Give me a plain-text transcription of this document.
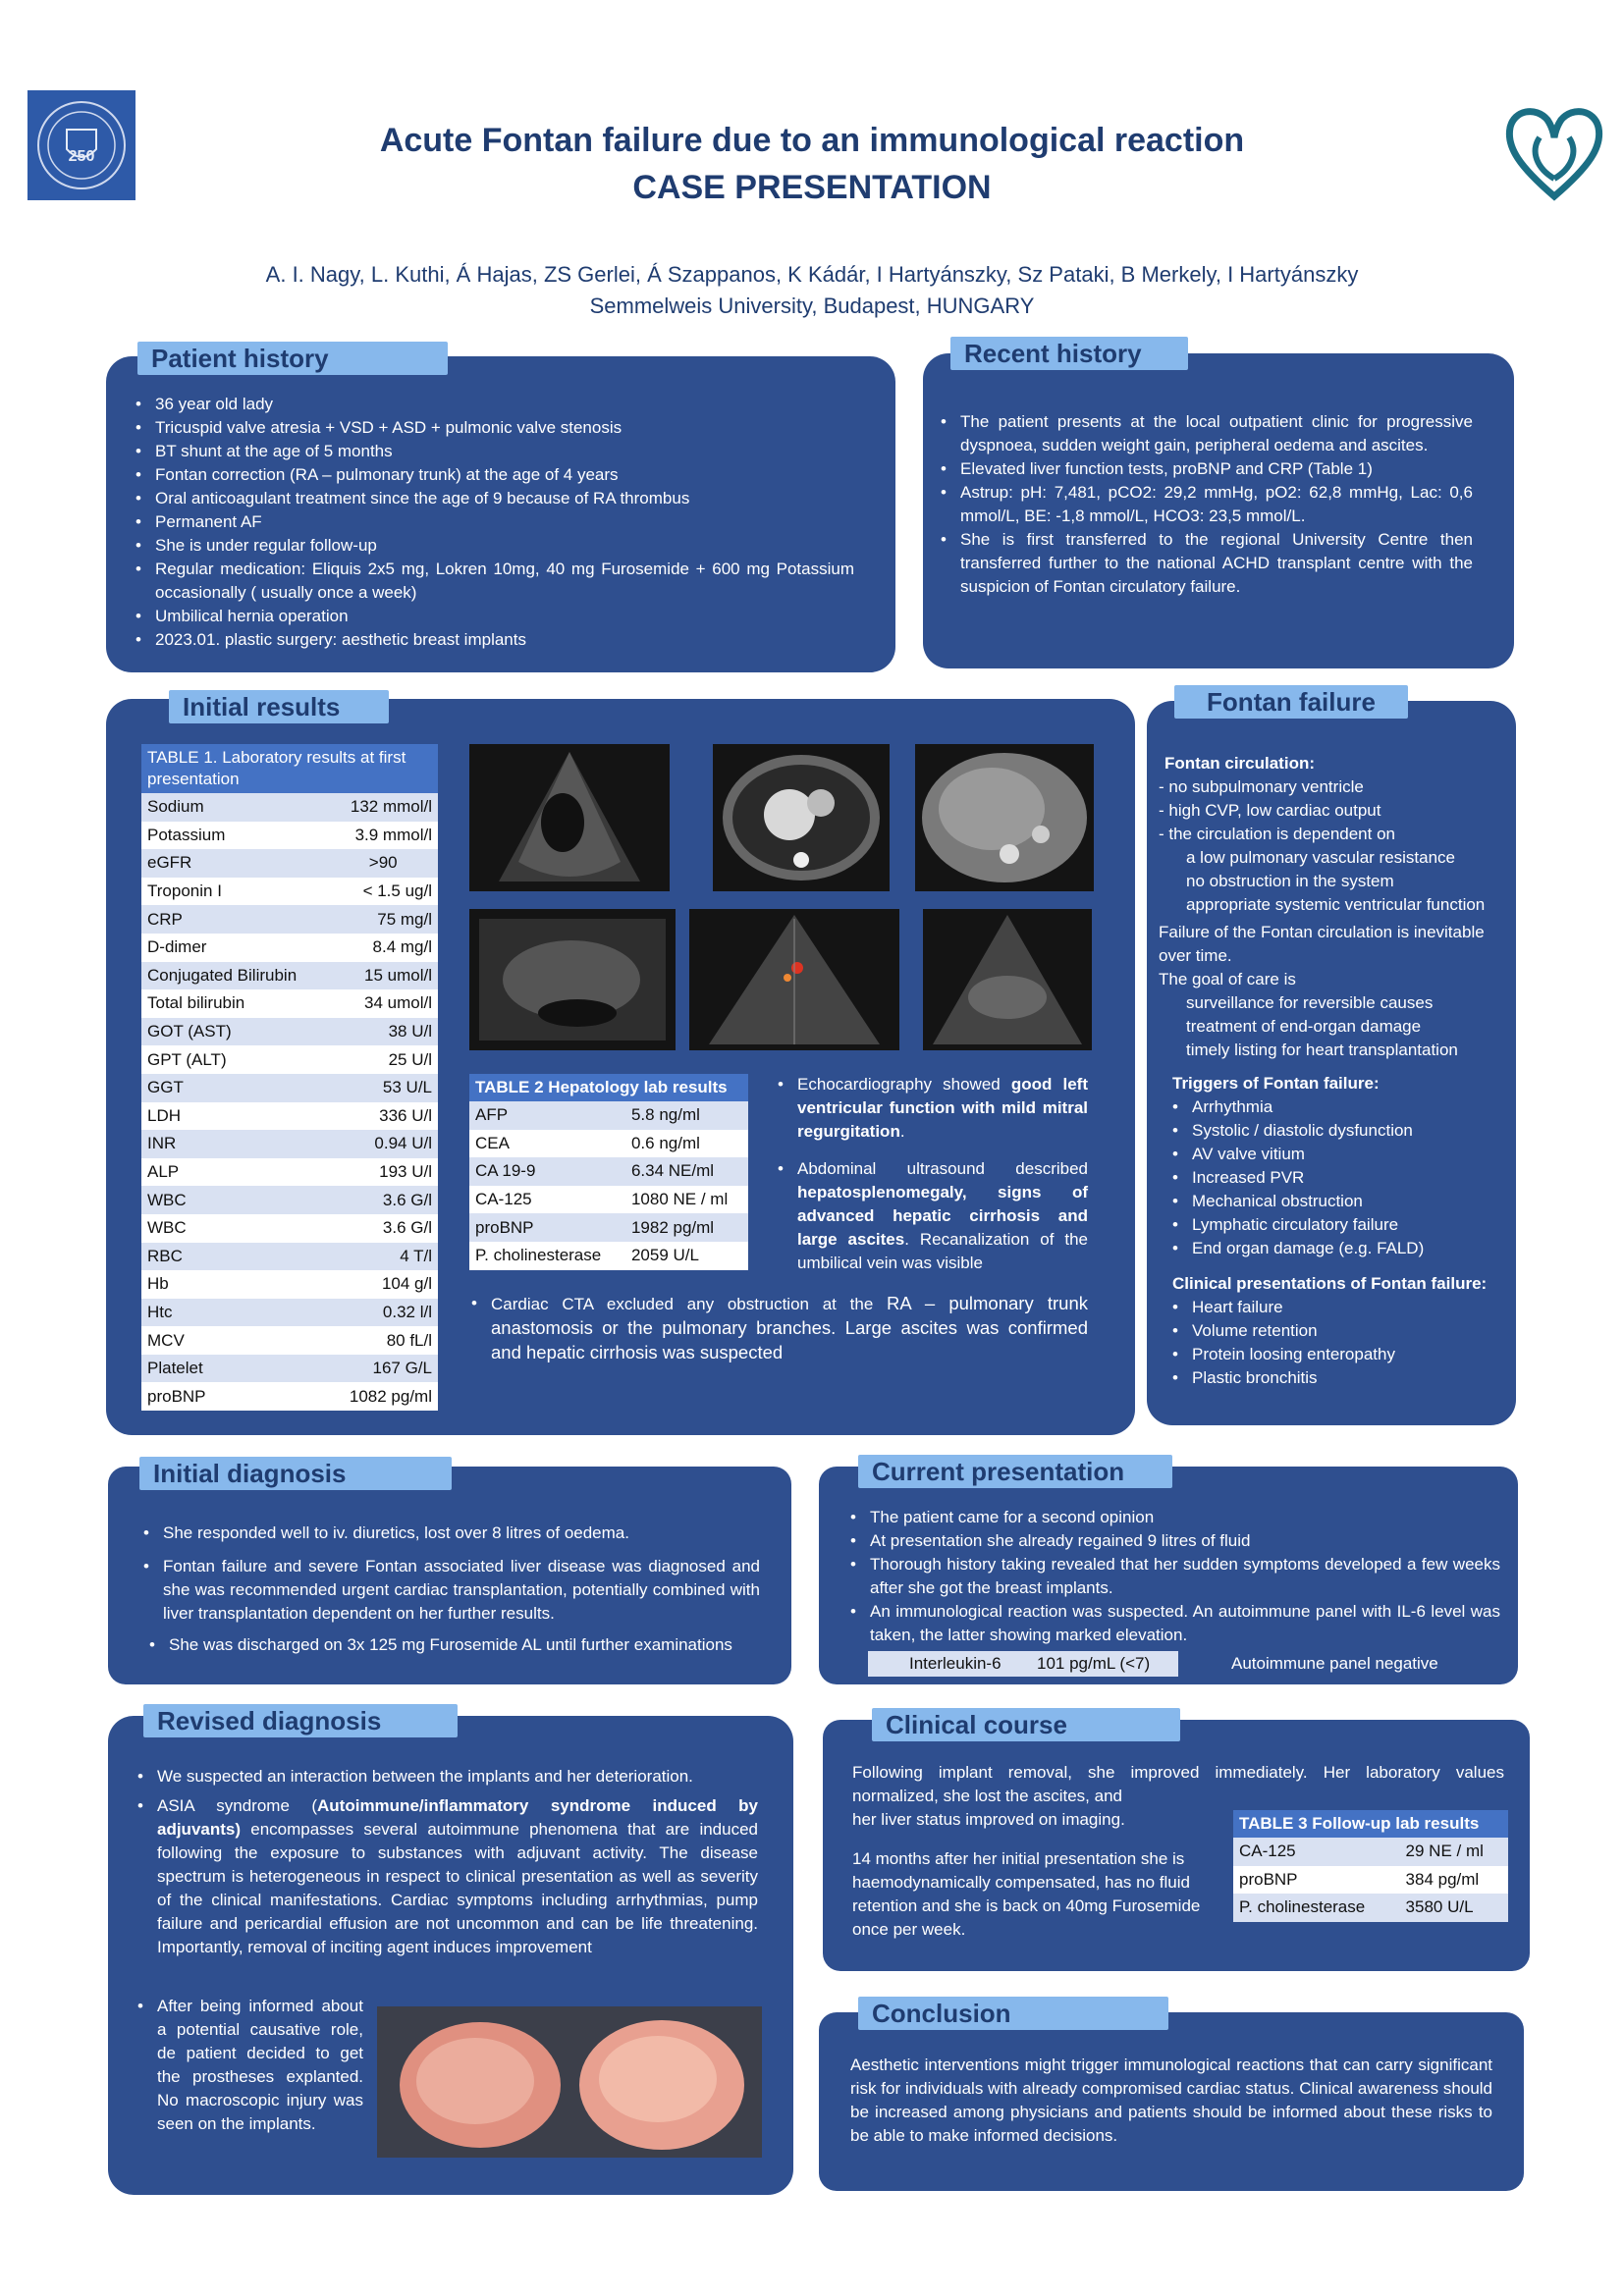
250	Acute Fontan failure due to an immunological reaction
CASE PRESENTATION
A. I. Nagy, L. Kuthi, Á Hajas, ZS Gerlei, Á Szappanos, K Kádár, I Hartyánszky, Sz Pataki, B Merkely, I Hartyánszky
Semmelweis University, Budapest, HUNGARY
Patient history
• 36 year old lady
• Tricuspid valve atresia + VSD + ASD + pulmonic valve stenosis
• BT shunt at the age of 5 months
• Fontan correction (RA – pulmonary trunk) at the age of 4 years
• Oral anticoagulant treatment since the age of 9 because of RA thrombus
• Permanent AF
• She is under regular follow-up
• Regular medication: Eliquis 2x5 mg, Lokren 10mg, 40 mg Furosemide + 600 mg Potassium occasionally ( usually once a week)
• Umbilical hernia operation
• 2023.01. plastic surgery: aesthetic breast implants
Recent history
• The patient presents at the local outpatient clinic for progressive dyspnoea, sudden weight gain, peripheral oedema and ascites.
• Elevated liver function tests, proBNP and CRP (Table 1)
• Astrup: pH: 7,481, pCO2: 29,2 mmHg, pO2: 62,8 mmHg, Lac: 0,6 mmol/L, BE: -1,8 mmol/L, HCO3: 23,5 mmol/L.
• She is first transferred to the regional University Centre then transferred further to the national ACHD transplant centre with the suspicion of Fontan circulatory failure.
Initial results
TABLE 1. Laboratory results at first presentation
Sodium	132 mmol/l
Potassium	3.9 mmol/l
eGFR	>90
Troponin I	< 1.5 ug/l
CRP	75 mg/l
D-dimer	8.4 mg/l
Conjugated Bilirubin	15 umol/l
Total bilirubin	34 umol/l
GOT (AST)	38 U/l
GPT (ALT)	25 U/l
GGT	53 U/L
LDH	336 U/l
INR	0.94 U/l
ALP	193 U/l
WBC	3.6 G/l
WBC	3.6 G/l
RBC	4 T/l
Hb	104 g/l
Htc	0.32 l/l
MCV	80 fL/l
Platelet	167 G/L
proBNP	1082 pg/ml
TABLE 2 Hepatology lab results
AFP	5.8 ng/ml
CEA	0.6 ng/ml
CA 19-9	6.34 NE/ml
CA-125	1080 NE / ml
proBNP	1982 pg/ml
P. cholinesterase	2059 U/L
• Echocardiography showed good left ventricular function with mild mitral regurgitation.
• Abdominal ultrasound described hepatosplenomegaly, signs of advanced hepatic cirrhosis and large ascites. Recanalization of the umbilical vein was visible
• Cardiac CTA excluded any obstruction at the RA – pulmonary trunk anastomosis or the pulmonary branches. Large ascites was confirmed and hepatic cirrhosis was suspected
Fontan failure
Fontan circulation:
- no subpulmonary ventricle
- high CVP, low cardiac output
- the circulation is dependent on
a low pulmonary vascular resistance
no obstruction in the system
appropriate systemic ventricular function
Failure of the Fontan circulation is inevitable over time.
The goal of care is
surveillance for reversible causes
treatment of end-organ damage
timely listing for heart transplantation
Triggers of Fontan failure:
• Arrhythmia
• Systolic / diastolic dysfunction
• AV valve vitium
• Increased PVR
• Mechanical obstruction
• Lymphatic circulatory failure
• End organ damage (e.g. FALD)
Clinical presentations of Fontan failure:
• Heart failure
• Volume retention
• Protein loosing enteropathy
• Plastic bronchitis
Initial diagnosis
• She responded well to iv. diuretics, lost over 8 litres of oedema.
• Fontan failure and severe Fontan associated liver disease was diagnosed and she was recommended urgent cardiac transplantation, potentially combined with liver transplantation dependent on her further results.
• She was discharged on 3x 125 mg Furosemide AL until further examinations
Current presentation
• The patient came for a second opinion
• At presentation she already regained 9 litres of fluid
• Thorough history taking revealed that her sudden symptoms developed a few weeks after she got the breast implants.
• An immunological reaction was suspected. An autoimmune panel with IL-6 level was taken, the latter showing marked elevation.
Interleukin-6 101 pg/mL (<7)	Autoimmune panel negative
Revised diagnosis
• We suspected an interaction between the implants and her deterioration.
• ASIA syndrome (Autoimmune/inflammatory syndrome induced by adjuvants) encompasses several autoimmune phenomena that are induced following the exposure to substances with adjuvant activity. The disease spectrum is heterogeneous in respect to clinical presentation as well as severity of the clinical manifestations. Cardiac symptoms including arrhythmias, pump failure and pericardial effusion are not uncommon and can be life threatening. Importantly, removal of inciting agent induces improvement
• After being informed about a potential causative role, de patient decided to get the prostheses explanted. No macroscopic injury was seen on the implants.
Clinical course
Following implant removal, she improved immediately. Her laboratory values normalized, she lost the ascites, and
her liver status improved on imaging.
14 months after her initial presentation she is haemodynamically compensated, has no fluid retention and she is back on 40mg Furosemide once per week.
TABLE 3 Follow-up lab results
CA-125	29 NE / ml
proBNP	384 pg/ml
P. cholinesterase	3580 U/L
Conclusion
Aesthetic interventions might trigger immunological reactions that can carry significant risk for individuals with already compromised cardiac status. Clinical awareness should be increased among physicians and patients should be informed about these risks to be able to make informed decisions.
